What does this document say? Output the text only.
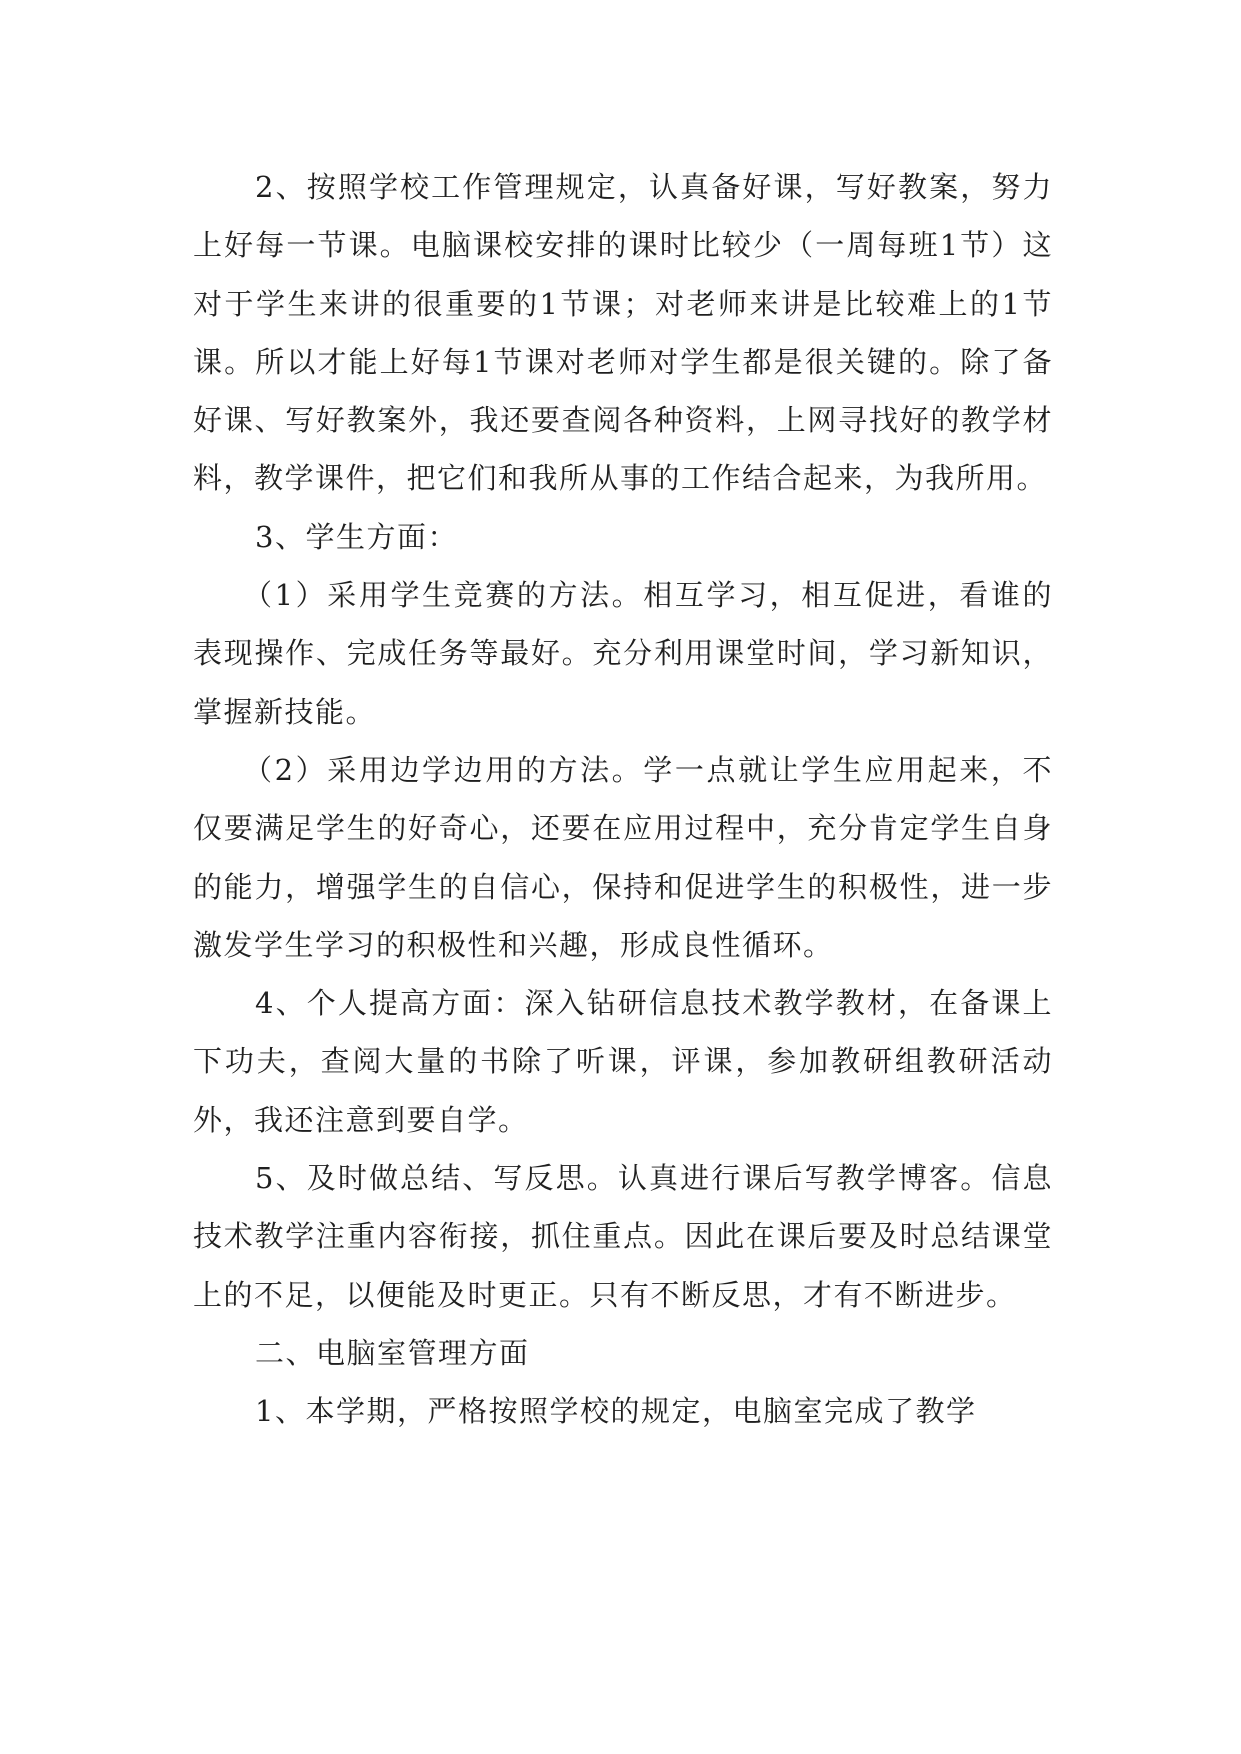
2、按照学校工作管理规定，认真备好课，写好教案，努力上好每一节课。电脑课校安排的课时比较少（一周每班1节）这对于学生来讲的很重要的1节课；对老师来讲是比较难上的1节课。所以才能上好每1节课对老师对学生都是很关键的。除了备好课、写好教案外，我还要查阅各种资料，上网寻找好的教学材料，教学课件，把它们和我所从事的工作结合起来，为我所用。

3、学生方面：

（1）采用学生竞赛的方法。相互学习，相互促进，看谁的表现操作、完成任务等最好。充分利用课堂时间，学习新知识，掌握新技能。

（2）采用边学边用的方法。学一点就让学生应用起来，不仅要满足学生的好奇心，还要在应用过程中，充分肯定学生自身的能力，增强学生的自信心，保持和促进学生的积极性，进一步激发学生学习的积极性和兴趣，形成良性循环。

4、个人提高方面：深入钻研信息技术教学教材，在备课上下功夫，查阅大量的书除了听课，评课，参加教研组教研活动外，我还注意到要自学。

5、及时做总结、写反思。认真进行课后写教学博客。信息技术教学注重内容衔接，抓住重点。因此在课后要及时总结课堂上的不足，以便能及时更正。只有不断反思，才有不断进步。

二、电脑室管理方面

1、本学期，严格按照学校的规定，电脑室完成了教学
